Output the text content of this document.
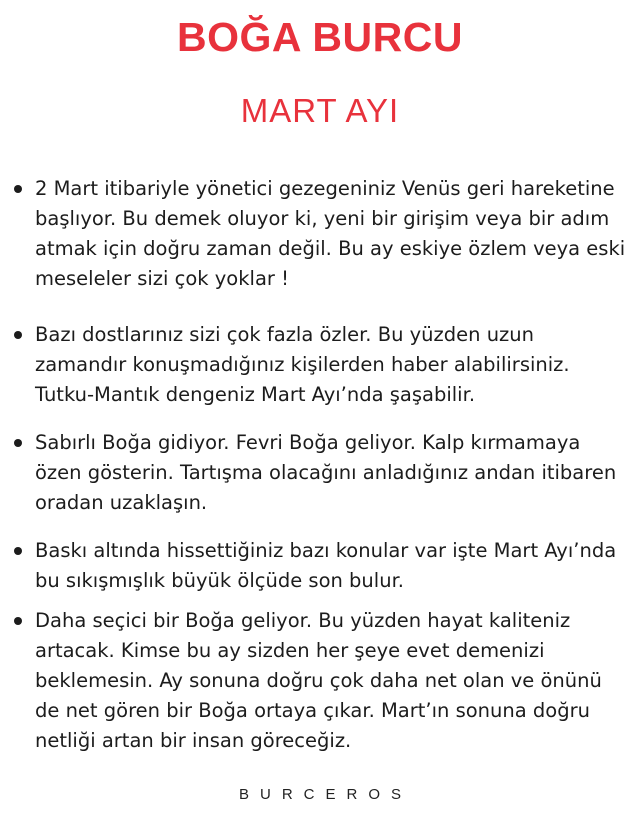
BOĞA BURCU
MART AYI
2 Mart itibariyle yönetici gezegeniniz Venüs geri hareketine başlıyor. Bu demek oluyor ki, yeni bir girişim veya bir adım atmak için doğru zaman değil. Bu ay eskiye özlem veya eski meseleler sizi çok yoklar !
Bazı dostlarınız sizi çok fazla özler. Bu yüzden uzun zamandır konuşmadığınız kişilerden haber alabilirsiniz. Tutku-Mantık dengeniz Mart Ayı’nda şaşabilir.
Sabırlı Boğa gidiyor. Fevri Boğa geliyor. Kalp kırmamaya özen gösterin. Tartışma olacağını anladığınız andan itibaren oradan uzaklaşın.
Baskı altında hissettiğiniz bazı konular var işte Mart Ayı’nda bu sıkışmışlık büyük ölçüde son bulur.
Daha seçici bir Boğa geliyor. Bu yüzden hayat kaliteniz artacak. Kimse bu ay sizden her şeye evet demenizi beklemesin. Ay sonuna doğru çok daha net olan ve önünü de net gören bir Boğa ortaya çıkar. Mart’ın sonuna doğru netliği artan bir insan göreceğiz.
BURCEROS
